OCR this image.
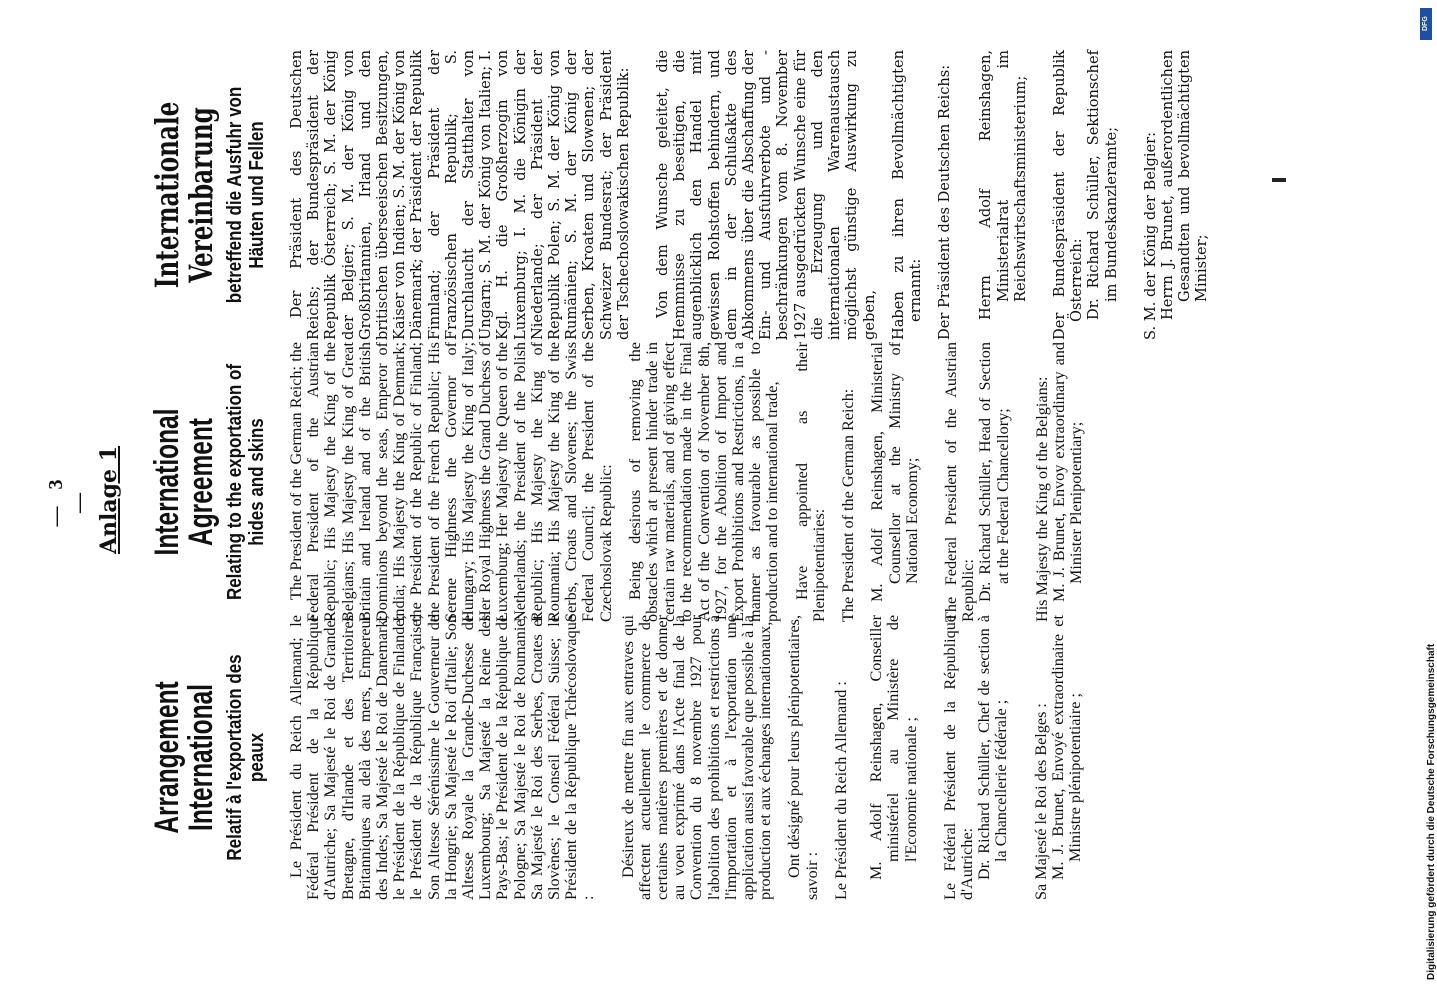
— 3 — Anlage 1
Arrangement
International Relatif à l'exportation des peaux Le Président du Reich Allemand; le Fédéral Président de la République d'Autriche; Sa Majesté le Roi de Grande-Bretagne, d'Irlande et des Territoires Britanniques au delà des mers, Empereur des Indes; Sa Majesté le Roi de Danemark; le Président de la République de Finlande; le Président de la République Française; Son Altesse Sérénissime le Gouverneur de la Hongrie; Sa Majesté le Roi d'Italie; Son Altesse Royale la Grande-Duchesse de Luxembourg; Sa Majesté la Reine des Pays-Bas; le Président de la République de Pologne; Sa Majesté le Roi de Roumanie; Sa Majesté le Roi des Serbes, Croates et Slovènes; le Conseil Fédéral Suisse; le Président de la République Tchécoslovaque :

Désireux de mettre fin aux entraves qui affectent actuellement le commerce de certaines matières premières et de donner au voeu exprimé dans l'Acte final de la Convention du 8 novembre 1927 pour l'abolition des prohibitions et restrictions à l'importation et à l'exportation une application aussi favorable que possible à la production et aux échanges internationaux, Ont désigné pour leurs plénipotentiaires, savoir : Le Président du Reich Allemand : M. Adolf Reinshagen, Conseiller ministériel au Ministère de l'Economie nationale ; Le Fédéral Président de la République d'Autriche: Dr. Richard Schüller, Chef de section à la Chancellerie fédérale ; Sa Majesté le Roi des Belges : M. J. Brunet, Envoyé extraordinaire et Ministre plénipotentiaire ;

International
Agreement Relating to the exportation of hides and skins The President of the German Reich; the Federal President of the Austrian Republic; His Majesty the King of the Belgians; His Majesty the King of Great Britain and Ireland and of the British Dominions beyond the seas, Emperor of India; His Majesty the King of Denmark; the President of the Republic of Finland; the President of the French Republic; His Serene Highness the Governor of Hungary; His Majesty the King of Italy; Her Royal Highness the Grand Duchess of Luxemburg; Her Majesty the Queen of the Netherlands; the President of the Polish Republic; His Majesty the King of Roumania; His Majesty the King of the Serbs, Croats and Slovenes; the Swiss Federal Council; the President of the Czechoslovak Republic: Being desirous of removing the obstacles which at present hinder trade in certain raw materials, and of giving effect to the recommendation made in the Final Act of the Convention of November 8th, 1927, for the Abolition of Import and Export Prohibitions and Restrictions, in a manner as favourable as possible to production and to international trade, Have appointed as their Plenipotentiaries: The President of the German Reich: M. Adolf Reinshagen, Ministerial Counsellor at the Ministry of National Economy; The Federal President of the Austrian Republic: Dr. Richard Schüller, Head of Section at the Federal Chancellory; His Majesty the King of the Belgians: M. J. Brunet, Envoy extraordinary and Minister Plenipotentiary;

Internationale
Vereinbarung betreffend die Ausfuhr von Häuten und Fellen Der Präsident des Deutschen Reichs; der Bundespräsident der Republik Österreich; S. M. der König der Belgier; S. M. der König von Großbritannien, Irland und den britischen überseeischen Besitzungen, Kaiser von Indien; S. M. der König von Dänemark; der Präsident der Republik Finnland; der Präsident der Französischen Republik; S. Durchlaucht der Statthalter von Ungarn; S. M. der König von Italien; I. Kgl. H. die Großherzogin von Luxemburg; I. M. die Königin der Niederlande; der Präsident der Republik Polen; S. M. der König von Rumänien; S. M. der König der Serben, Kroaten und Slowenen; der Schweizer Bundesrat; der Präsident der Tschechoslowakischen Republik: Von dem Wunsche geleitet, die Hemmnisse zu beseitigen, die augenblicklich den Handel mit gewissen Rohstoffen behindern, und dem in der Schlußakte des Abkommens über die Abschaffung der Ein- und Ausfuhrverbote und -beschränkungen vom 8. November 1927 ausgedrückten Wunsche eine für die Erzeugung und den internationalen Warenaustausch möglichst günstige Auswirkung zu geben, Haben zu ihren Bevollmächtigten ernannt: Der Präsident des Deutschen Reichs: Herrn Adolf Reinshagen, Ministerialrat im Reichswirtschaftsministerium; Der Bundespräsident der Republik Österreich: Dr. Richard Schüller, Sektionschef im Bundeskanzleramte; S. M. der König der Belgier: Herrn J. Brunet, außerordentlichen Gesandten und bevollmächtigten Minister;

DFG
Digitalisierung gefördert durch die Deutsche Forschungsgemeinschaft
